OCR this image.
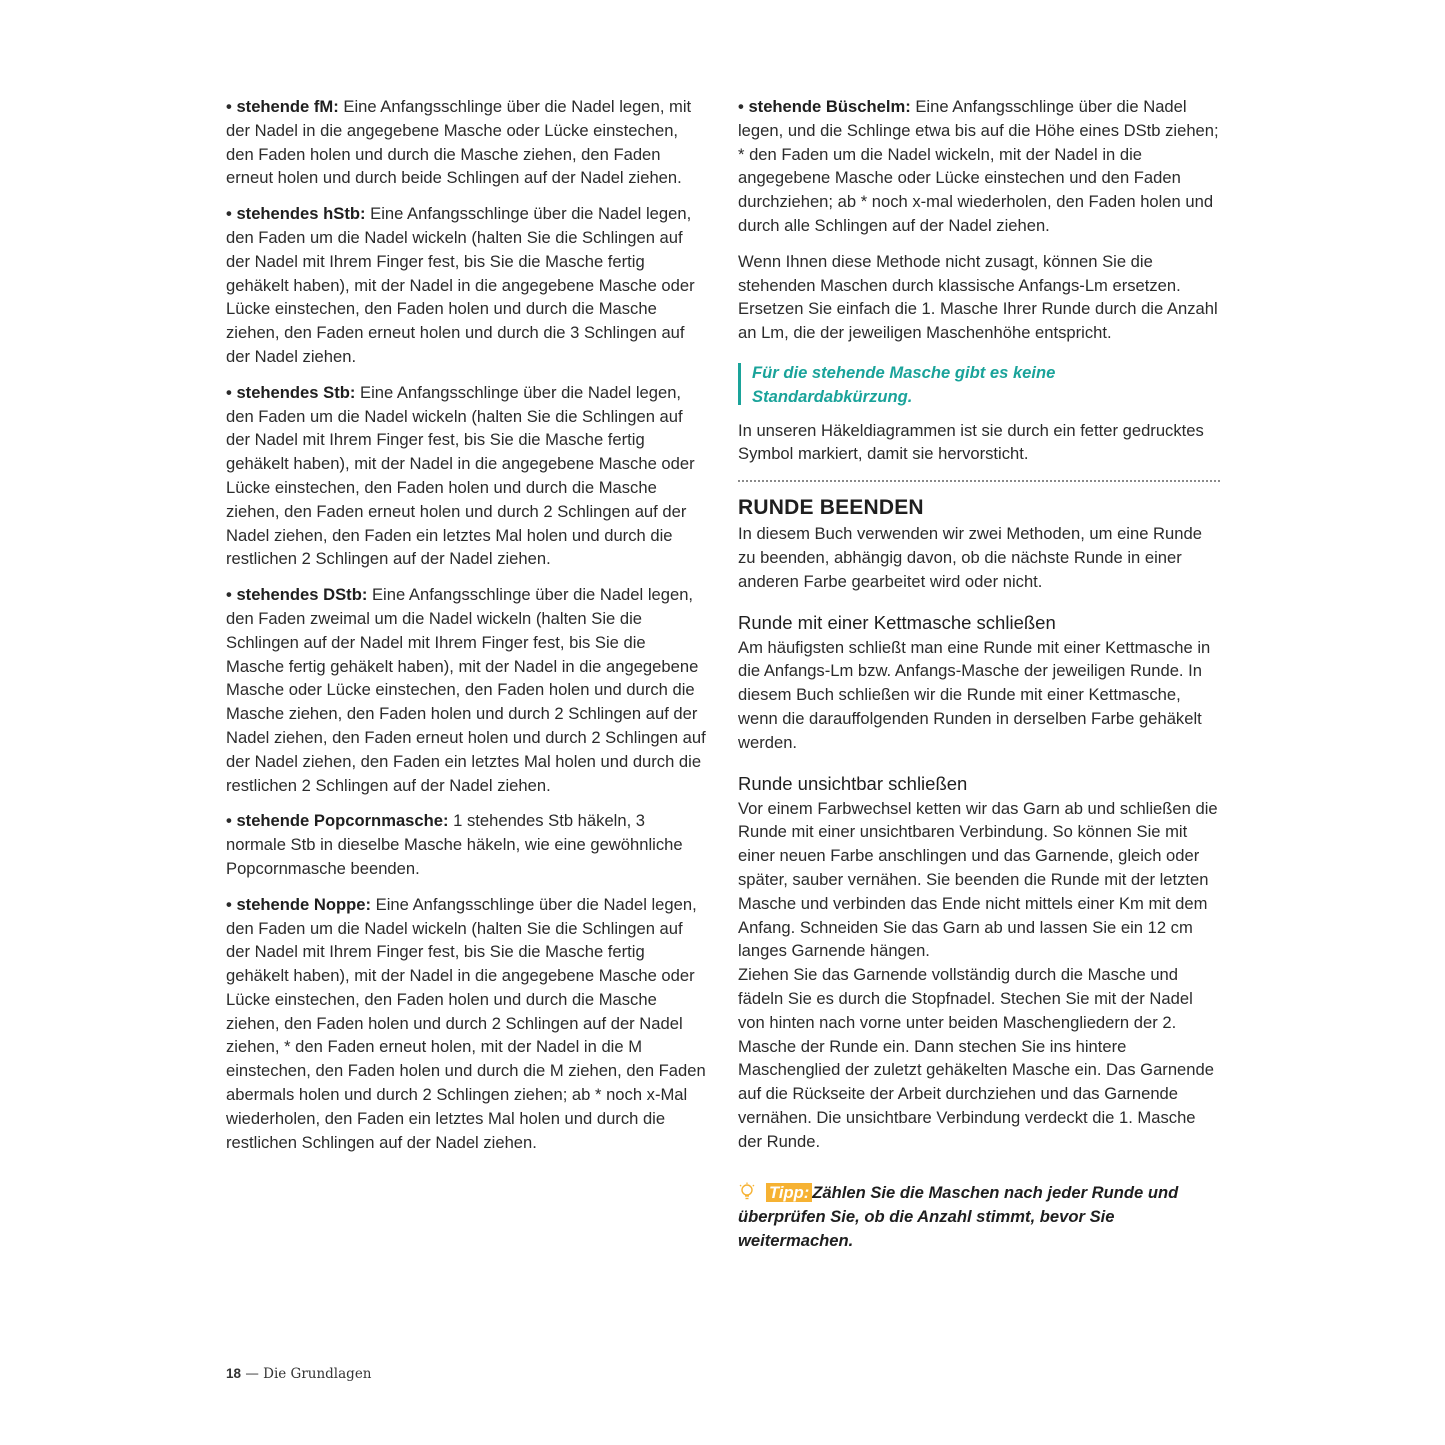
• stehende fM: Eine Anfangsschlinge über die Nadel legen, mit der Nadel in die angegebene Masche oder Lücke einstechen, den Faden holen und durch die Masche ziehen, den Faden erneut holen und durch beide Schlingen auf der Nadel ziehen.

• stehendes hStb: Eine Anfangsschlinge über die Nadel legen, den Faden um die Nadel wickeln (halten Sie die Schlingen auf der Nadel mit Ihrem Finger fest, bis Sie die Masche fertig gehäkelt haben), mit der Nadel in die angegebene Masche oder Lücke einstechen, den Faden holen und durch die Masche ziehen, den Faden erneut holen und durch die 3 Schlingen auf der Nadel ziehen.

• stehendes Stb: Eine Anfangsschlinge über die Nadel legen, den Faden um die Nadel wickeln (halten Sie die Schlingen auf der Nadel mit Ihrem Finger fest, bis Sie die Masche fertig gehäkelt haben), mit der Nadel in die angegebene Masche oder Lücke einstechen, den Faden holen und durch die Masche ziehen, den Faden erneut holen und durch 2 Schlingen auf der Nadel ziehen, den Faden ein letztes Mal holen und durch die restlichen 2 Schlingen auf der Nadel ziehen.

• stehendes DStb: Eine Anfangsschlinge über die Nadel legen, den Faden zweimal um die Nadel wickeln (halten Sie die Schlingen auf der Nadel mit Ihrem Finger fest, bis Sie die Masche fertig gehäkelt haben), mit der Nadel in die angegebene Masche oder Lücke einstechen, den Faden holen und durch die Masche ziehen, den Faden holen und durch 2 Schlingen auf der Nadel ziehen, den Faden erneut holen und durch 2 Schlingen auf der Nadel ziehen, den Faden ein letztes Mal holen und durch die restlichen 2 Schlingen auf der Nadel ziehen.

• stehende Popcornmasche: 1 stehendes Stb häkeln, 3 normale Stb in dieselbe Masche häkeln, wie eine gewöhnliche Popcornmasche beenden.

• stehende Noppe: Eine Anfangsschlinge über die Nadel legen, den Faden um die Nadel wickeln (halten Sie die Schlingen auf der Nadel mit Ihrem Finger fest, bis Sie die Masche fertig gehäkelt haben), mit der Nadel in die angegebene Masche oder Lücke einstechen, den Faden holen und durch die Masche ziehen, den Faden holen und durch 2 Schlingen auf der Nadel ziehen, * den Faden erneut holen, mit der Nadel in die M einstechen, den Faden holen und durch die M ziehen, den Faden abermals holen und durch 2 Schlingen ziehen; ab * noch x-Mal wiederholen, den Faden ein letztes Mal holen und durch die restlichen Schlingen auf der Nadel ziehen.

• stehende Büschelm: Eine Anfangsschlinge über die Nadel legen, und die Schlinge etwa bis auf die Höhe eines DStb ziehen; * den Faden um die Nadel wickeln, mit der Nadel in die angegebene Masche oder Lücke einstechen und den Faden durchziehen; ab * noch x-mal wiederholen, den Faden holen und durch alle Schlingen auf der Nadel ziehen.

Wenn Ihnen diese Methode nicht zusagt, können Sie die stehenden Maschen durch klassische Anfangs-Lm ersetzen. Ersetzen Sie einfach die 1. Masche Ihrer Runde durch die Anzahl an Lm, die der jeweiligen Maschenhöhe entspricht.

Für die stehende Masche gibt es keine Standardabkürzung.

In unseren Häkeldiagrammen ist sie durch ein fetter gedrucktes Symbol markiert, damit sie hervorsticht.

RUNDE BEENDEN

In diesem Buch verwenden wir zwei Methoden, um eine Runde zu beenden, abhängig davon, ob die nächste Runde in einer anderen Farbe gearbeitet wird oder nicht.

Runde mit einer Kettmasche schließen

Am häufigsten schließt man eine Runde mit einer Kettmasche in die Anfangs-Lm bzw. Anfangs-Masche der jeweiligen Runde. In diesem Buch schließen wir die Runde mit einer Kettmasche, wenn die darauffolgenden Runden in derselben Farbe gehäkelt werden.

Runde unsichtbar schließen

Vor einem Farbwechsel ketten wir das Garn ab und schließen die Runde mit einer unsichtbaren Verbindung. So können Sie mit einer neuen Farbe anschlingen und das Garnende, gleich oder später, sauber vernähen. Sie beenden die Runde mit der letzten Masche und verbinden das Ende nicht mittels einer Km mit dem Anfang. Schneiden Sie das Garn ab und lassen Sie ein 12 cm langes Garnende hängen.

Ziehen Sie das Garnende vollständig durch die Masche und fädeln Sie es durch die Stopfnadel. Stechen Sie mit der Nadel von hinten nach vorne unter beiden Maschengliedern der 2. Masche der Runde ein. Dann stechen Sie ins hintere Maschenglied der zuletzt gehäkelten Masche ein. Das Garnende auf die Rückseite der Arbeit durchziehen und das Garnende vernähen. Die unsichtbare Verbindung verdeckt die 1. Masche der Runde.

Tipp: Zählen Sie die Maschen nach jeder Runde und überprüfen Sie, ob die Anzahl stimmt, bevor Sie weitermachen.
18 — Die Grundlagen
